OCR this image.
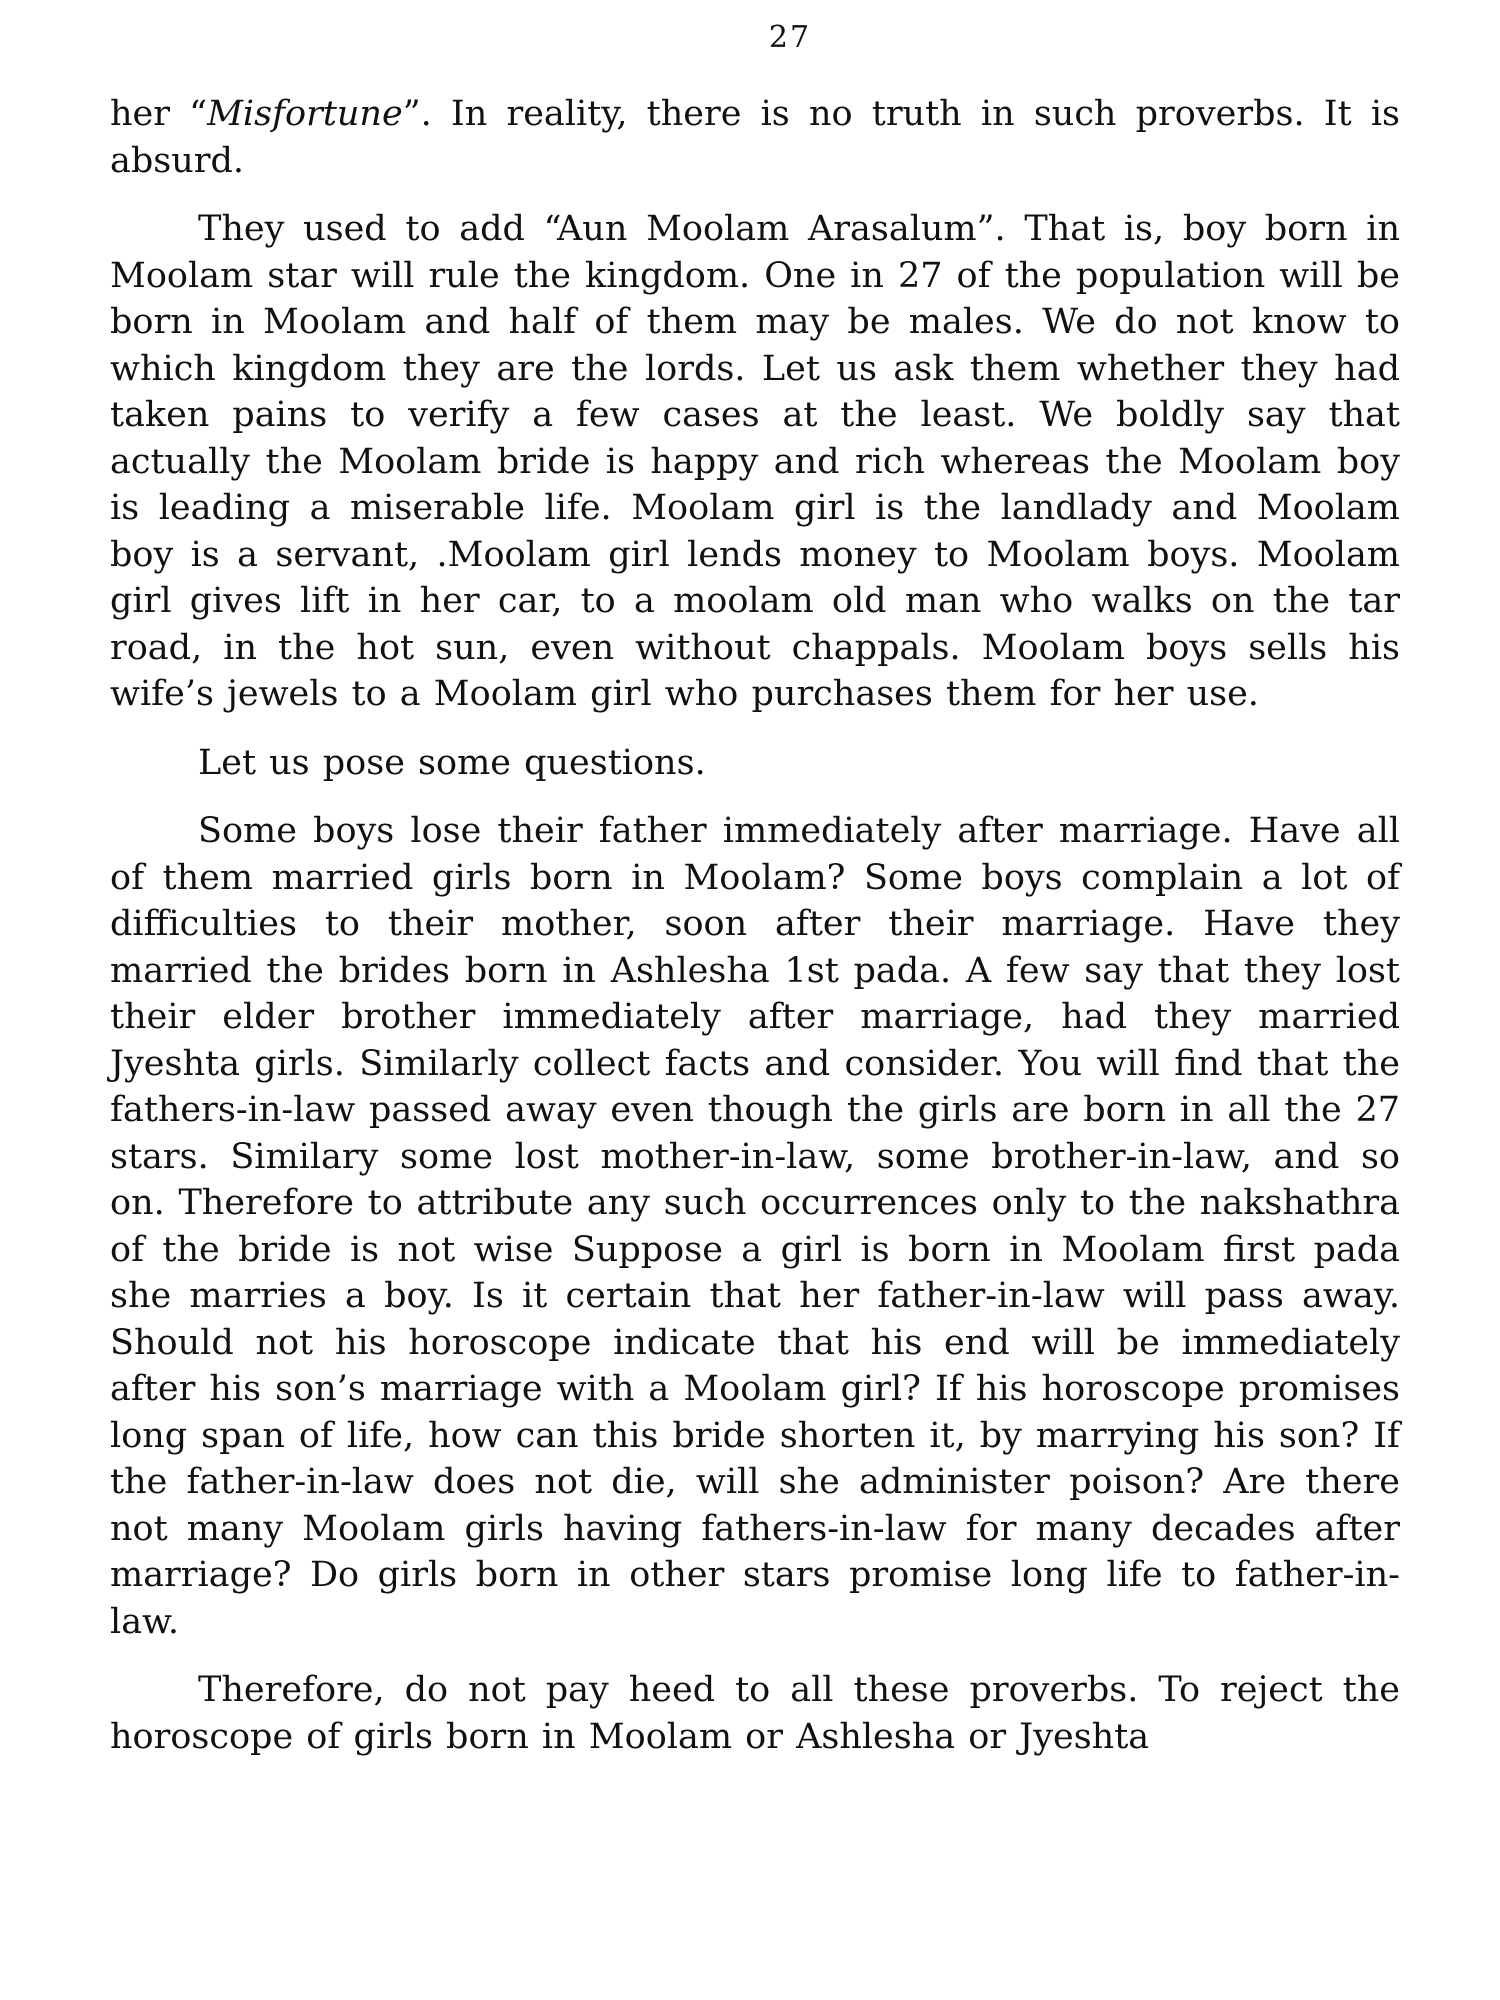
27

her “Misfortune”. In reality, there is no truth in such proverbs. It is absurd.

They used to add “Aun Moolam Arasalum”. That is, boy born in Moolam star will rule the kingdom. One in 27 of the population will be born in Moolam and half of them may be males. We do not know to which kingdom they are the lords. Let us ask them whether they had taken pains to verify a few cases at the least. We boldly say that actually the Moolam bride is happy and rich whereas the Moolam boy is leading a miserable life. Moolam girl is the landlady and Moolam boy is a servant, .Moolam girl lends money to Moolam boys. Moolam girl gives lift in her car, to a moolam old man who walks on the tar road, in the hot sun, even without chappals. Moolam boys sells his wife’s jewels to a Moolam girl who purchases them for her use.

Let us pose some questions.

Some boys lose their father immediately after marriage. Have all of them married girls born in Moolam? Some boys complain a lot of difficulties to their mother, soon after their marriage. Have they married the brides born in Ashlesha 1st pada. A few say that they lost their elder brother immediately after marriage, had they married Jyeshta girls. Similarly collect facts and consider. You will find that the fathers-in-law passed away even though the girls are born in all the 27 stars. Similary some lost mother-in-law, some brother-in-law, and so on. Therefore to attribute any such occurrences only to the nakshathra of the bride is not wise Suppose a girl is born in Moolam first pada she marries a boy. Is it certain that her father-in-law will pass away. Should not his horoscope indicate that his end will be immediately after his son’s marriage with a Moolam girl? If his horoscope promises long span of life, how can this bride shorten it, by marrying his son? If the father-in-law does not die, will she administer poison? Are there not many Moolam girls having fathers-in-law for many decades after marriage? Do girls born in other stars promise long life to father-in-law.

Therefore, do not pay heed to all these proverbs. To reject the horoscope of girls born in Moolam or Ashlesha or Jyeshta
